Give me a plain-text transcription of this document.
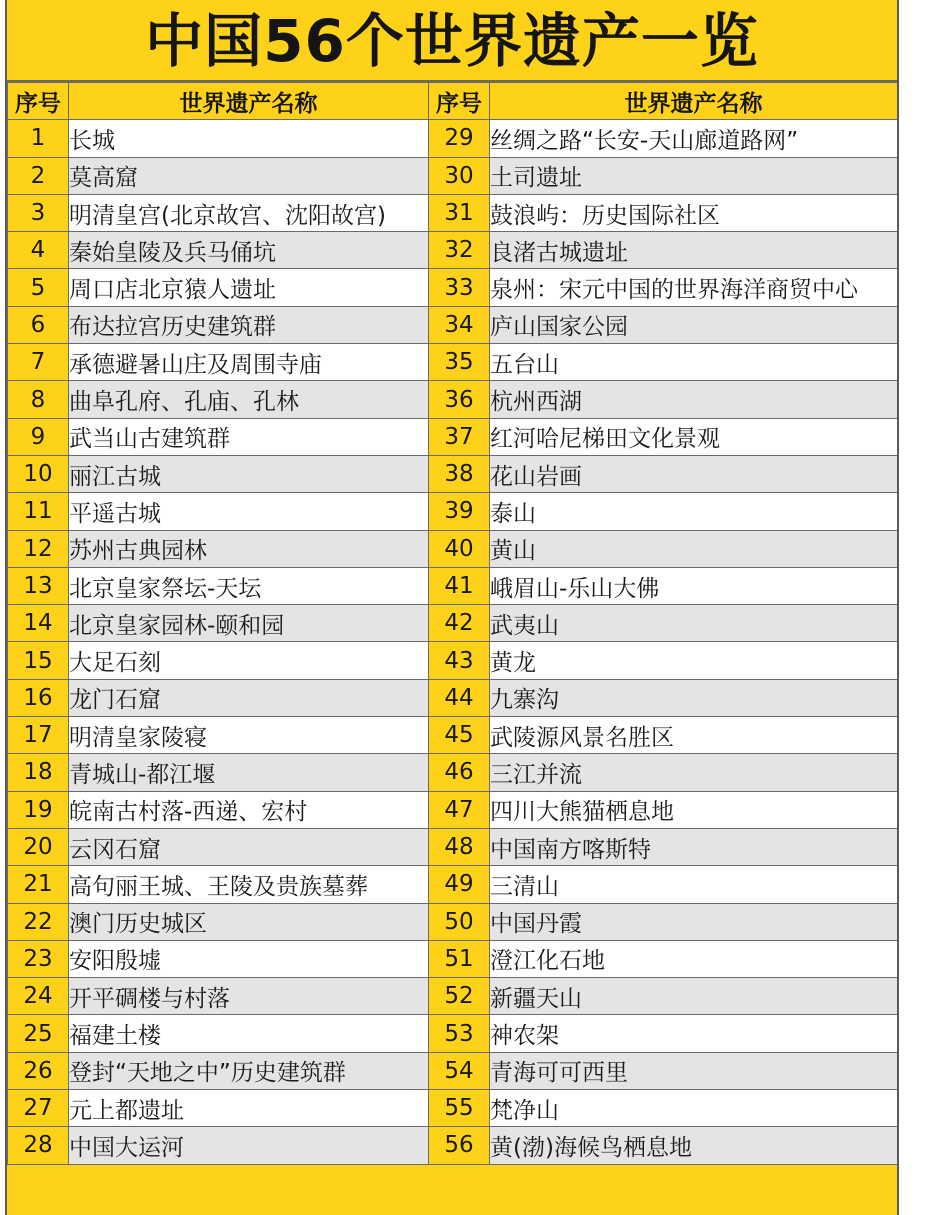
中国56个世界遗产一览
序号	世界遗产名称	序号	世界遗产名称
1	长城	29	丝绸之路“长安-天山廊道路网”
2	莫高窟	30	土司遗址
3	明清皇宫(北京故宫、沈阳故宫)	31	鼓浪屿：历史国际社区
4	秦始皇陵及兵马俑坑	32	良渚古城遗址
5	周口店北京猿人遗址	33	泉州：宋元中国的世界海洋商贸中心
6	布达拉宫历史建筑群	34	庐山国家公园
7	承德避暑山庄及周围寺庙	35	五台山
8	曲阜孔府、孔庙、孔林	36	杭州西湖
9	武当山古建筑群	37	红河哈尼梯田文化景观
10	丽江古城	38	花山岩画
11	平遥古城	39	泰山
12	苏州古典园林	40	黄山
13	北京皇家祭坛-天坛	41	峨眉山-乐山大佛
14	北京皇家园林-颐和园	42	武夷山
15	大足石刻	43	黄龙
16	龙门石窟	44	九寨沟
17	明清皇家陵寝	45	武陵源风景名胜区
18	青城山-都江堰	46	三江并流
19	皖南古村落-西递、宏村	47	四川大熊猫栖息地
20	云冈石窟	48	中国南方喀斯特
21	高句丽王城、王陵及贵族墓葬	49	三清山
22	澳门历史城区	50	中国丹霞
23	安阳殷墟	51	澄江化石地
24	开平碉楼与村落	52	新疆天山
25	福建土楼	53	神农架
26	登封“天地之中”历史建筑群	54	青海可可西里
27	元上都遗址	55	梵净山
28	中国大运河	56	黄(渤)海候鸟栖息地
